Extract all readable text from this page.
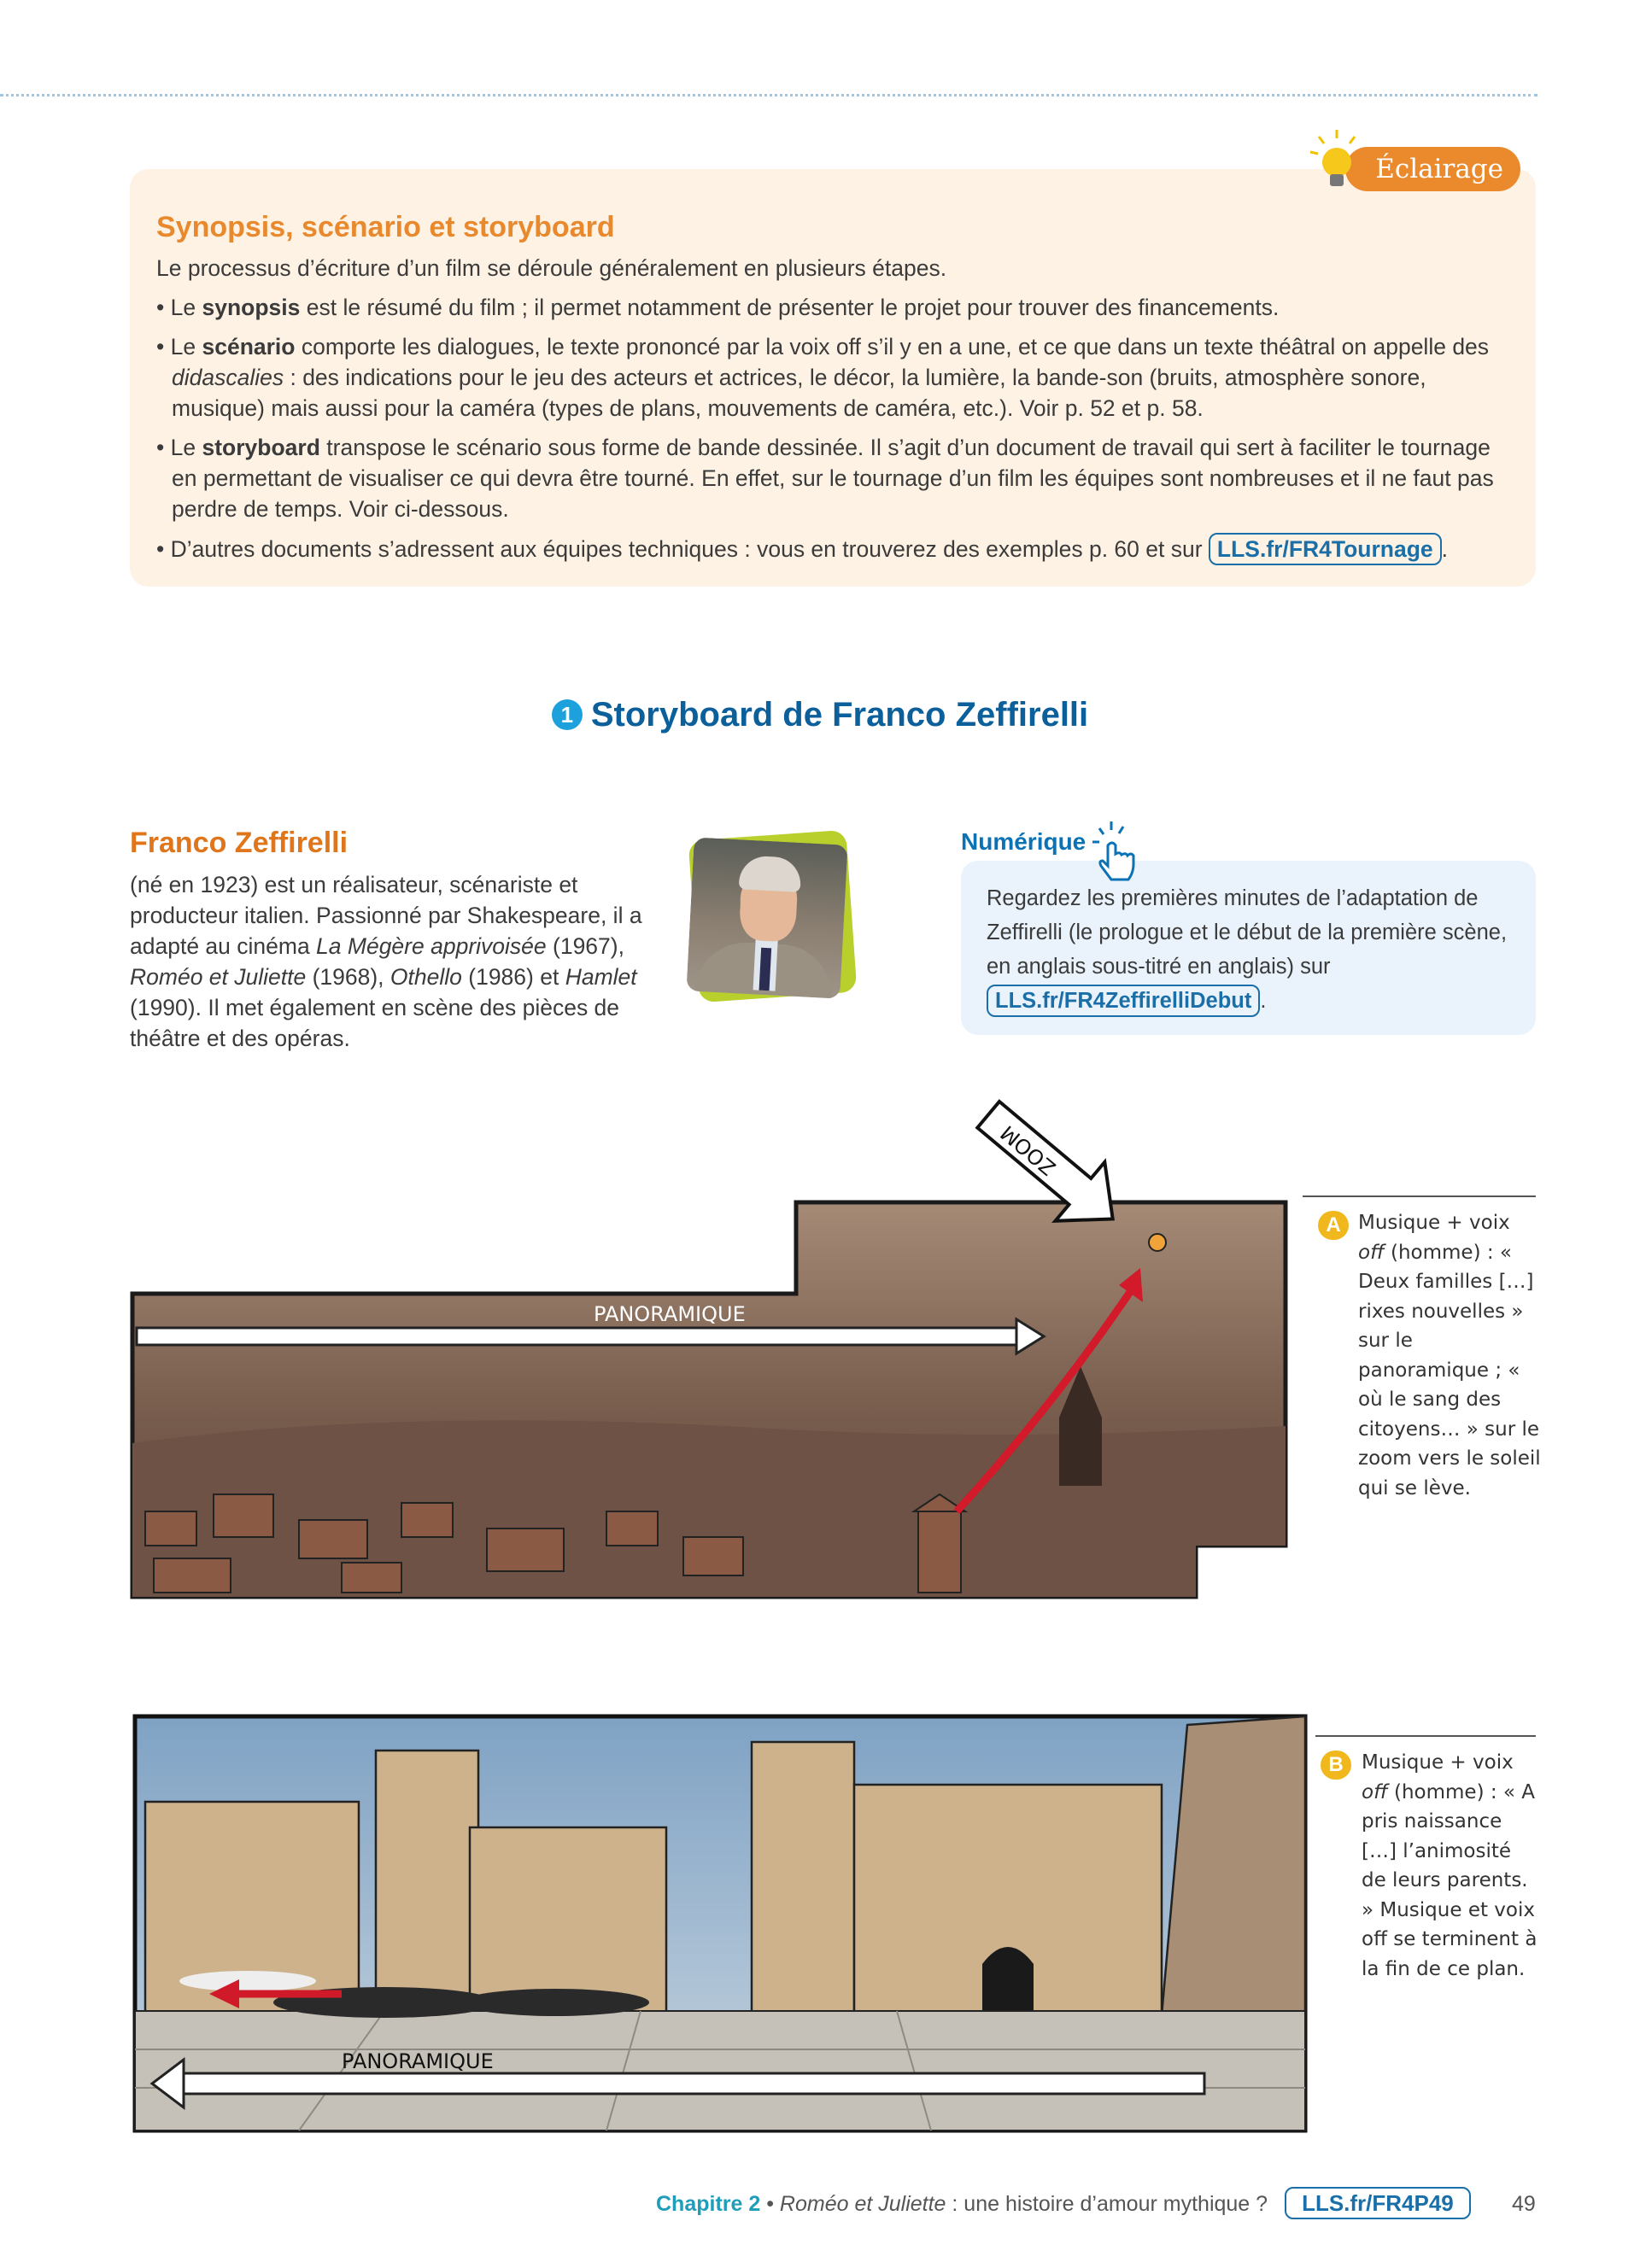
Éclairage
Synopsis, scénario et storyboard

Le processus d’écriture d’un film se déroule généralement en plusieurs étapes.

• Le synopsis est le résumé du film ; il permet notamment de présenter le projet pour trouver des financements.
• Le scénario comporte les dialogues, le texte prononcé par la voix off s’il y en a une, et ce que dans un texte théâtral on appelle des didascalies : des indications pour le jeu des acteurs et actrices, le décor, la lumière, la bande-son (bruits, atmosphère sonore, musique) mais aussi pour la caméra (types de plans, mouvements de caméra, etc.). Voir p. 52 et p. 58.
• Le storyboard transpose le scénario sous forme de bande dessinée. Il s’agit d’un document de travail qui sert à faciliter le tournage en permettant de visualiser ce qui devra être tourné. En effet, sur le tournage d’un film les équipes sont nombreuses et il ne faut pas perdre de temps. Voir ci-dessous.
• D’autres documents s’adressent aux équipes techniques : vous en trouverez des exemples p. 60 et sur LLS.fr/FR4Tournage .
1 Storyboard de Franco Zeffirelli
Franco Zeffirelli
(né en 1923) est un réalisateur, scénariste et producteur italien. Passionné par Shakespeare, il a adapté au cinéma La Mégère apprivoisée (1967), Roméo et Juliette (1968), Othello (1986) et Hamlet (1990). Il met également en scène des pièces de théâtre et des opéras.
Numérique
Regardez les premières minutes de l’adaptation de Zeffirelli (le prologue et le début de la première scène, en anglais sous-titré en anglais) sur LLS.fr/FR4ZeffirelliDebut .
PANORAMIQUE
ZOOM
A Musique + voix off (homme) : « Deux familles […] rixes nouvelles » sur le panoramique ; « où le sang des citoyens… » sur le zoom vers le soleil qui se lève.
PANORAMIQUE
B Musique + voix off (homme) : « A pris naissance […] l’animosité de leurs parents. » Musique et voix off se terminent à la fin de ce plan.
Chapitre 2 • Roméo et Juliette : une histoire d’amour mythique ? LLS.fr/FR4P49	49
